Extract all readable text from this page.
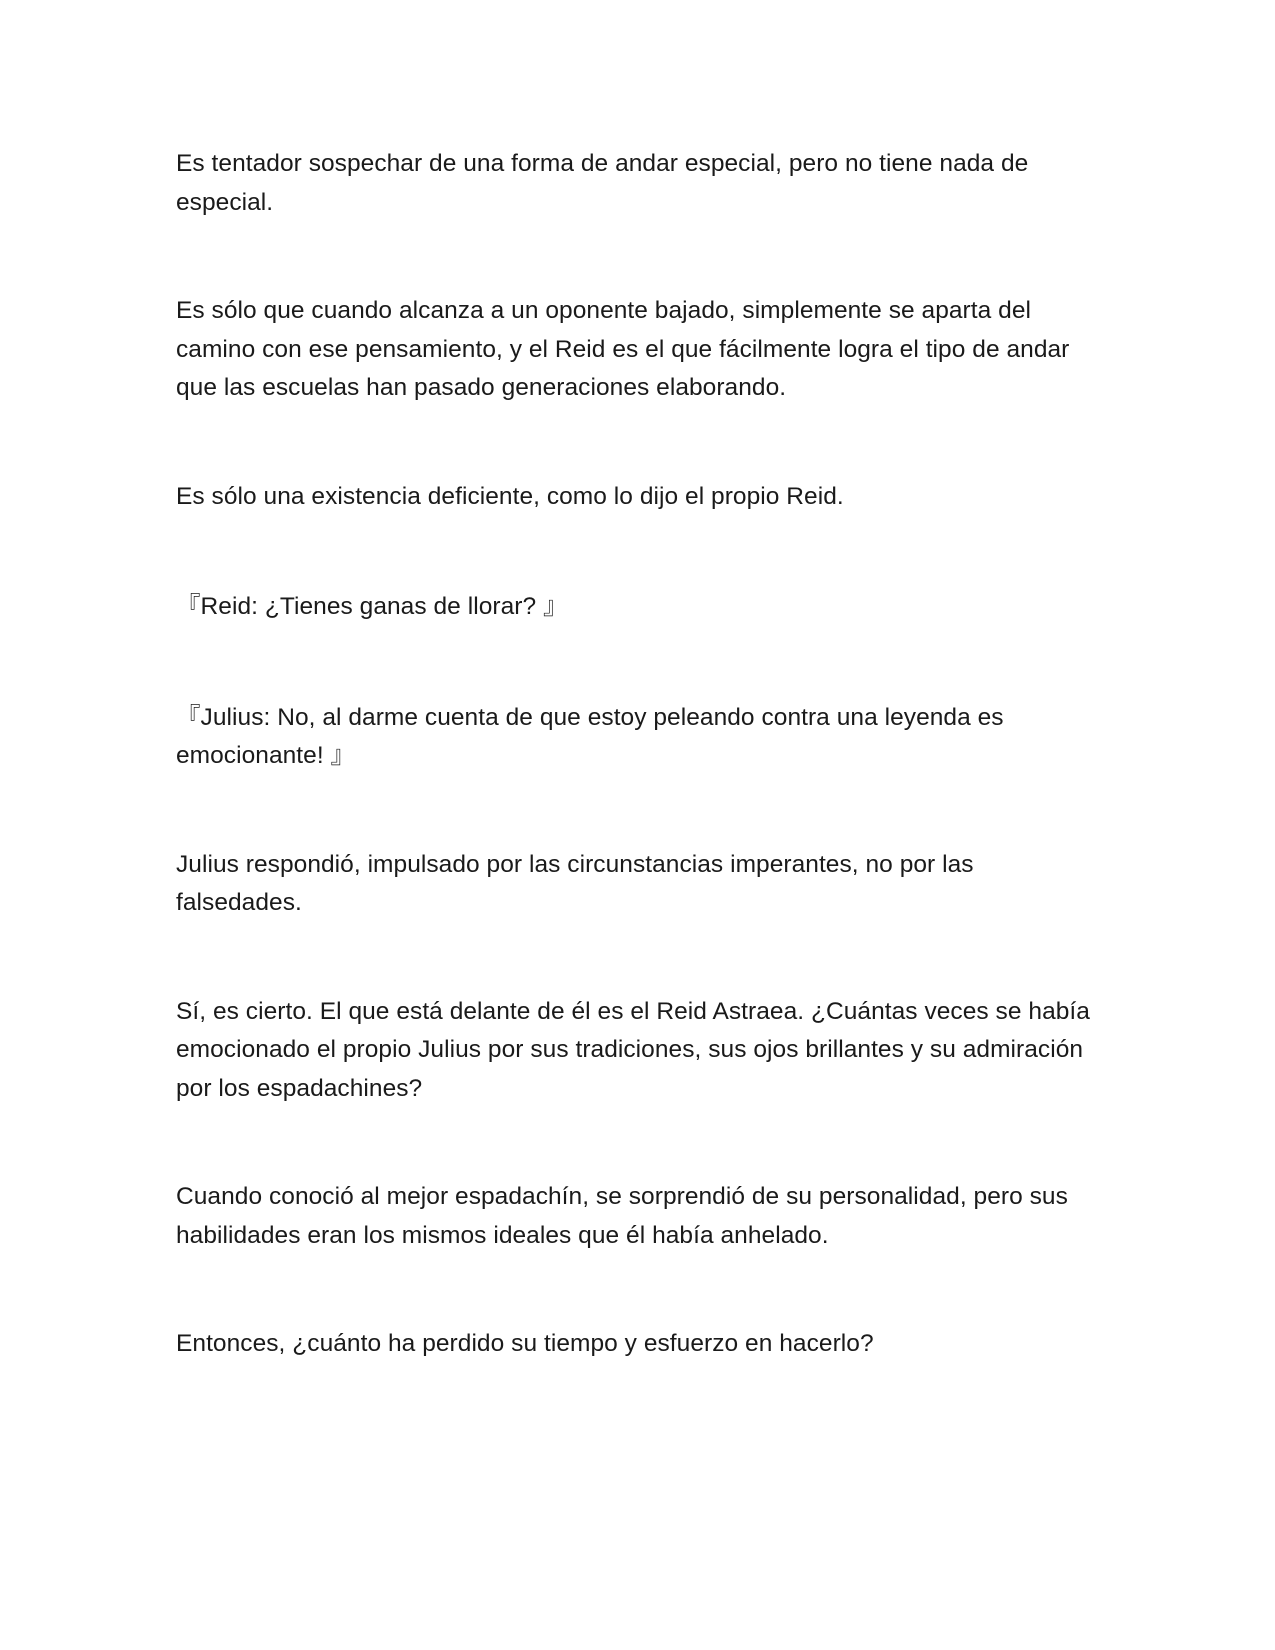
Es tentador sospechar de una forma de andar especial, pero no tiene nada de especial.

Es sólo que cuando alcanza a un oponente bajado, simplemente se aparta del camino con ese pensamiento, y el Reid es el que fácilmente logra el tipo de andar que las escuelas han pasado generaciones elaborando.

Es sólo una existencia deficiente, como lo dijo el propio Reid.

『Reid: ¿Tienes ganas de llorar? 』

『Julius: No, al darme cuenta de que estoy peleando contra una leyenda es emocionante! 』

Julius respondió, impulsado por las circunstancias imperantes, no por las falsedades.

Sí, es cierto. El que está delante de él es el Reid Astraea. ¿Cuántas veces se había emocionado el propio Julius por sus tradiciones, sus ojos brillantes y su admiración por los espadachines?

Cuando conoció al mejor espadachín, se sorprendió de su personalidad, pero sus habilidades eran los mismos ideales que él había anhelado.

Entonces, ¿cuánto ha perdido su tiempo y esfuerzo en hacerlo?
